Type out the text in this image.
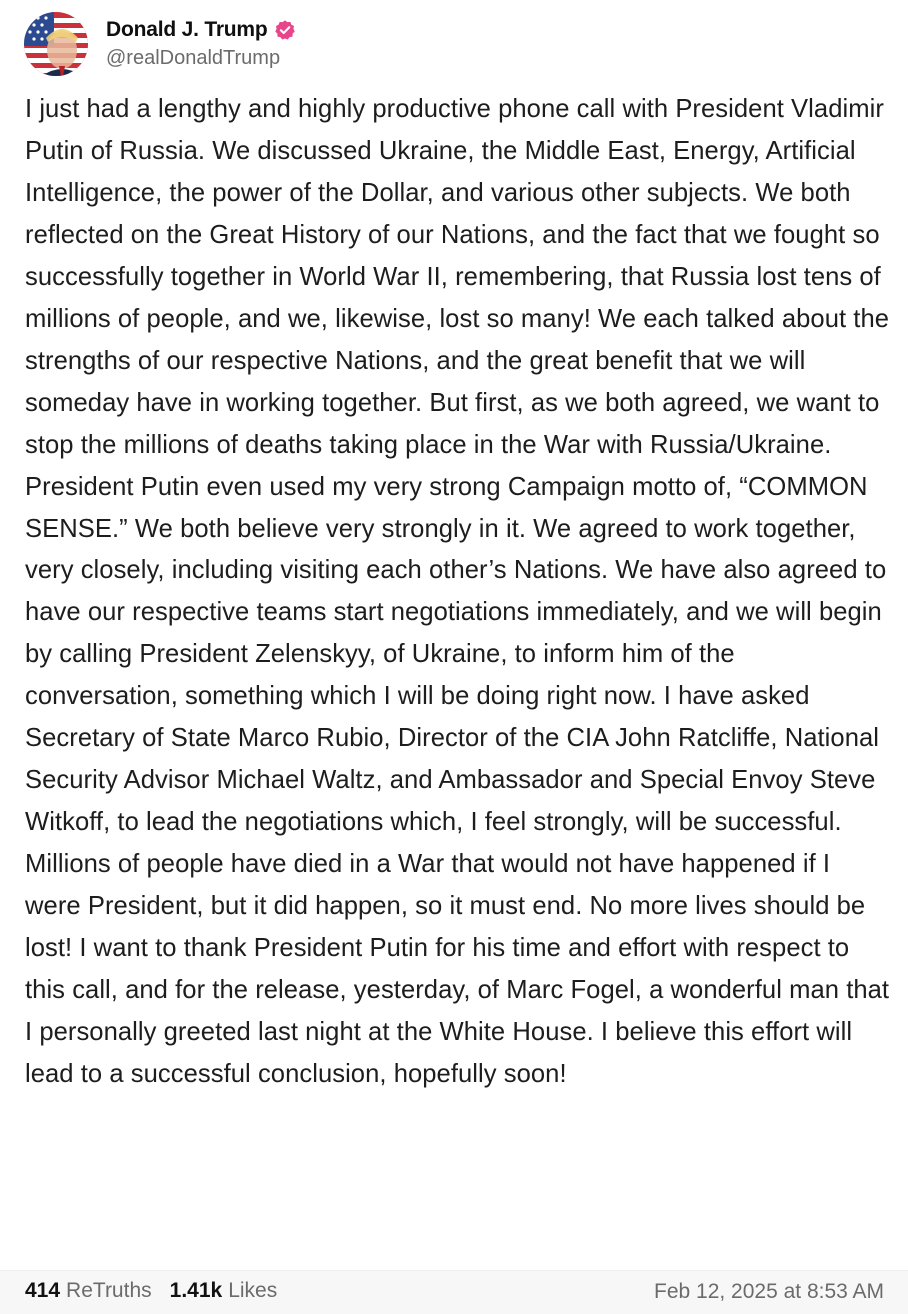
Donald J. Trump
@realDonaldTrump
I just had a lengthy and highly productive phone call with President Vladimir Putin of Russia. We discussed Ukraine, the Middle East, Energy, Artificial Intelligence, the power of the Dollar, and various other subjects. We both reflected on the Great History of our Nations, and the fact that we fought so successfully together in World War II, remembering, that Russia lost tens of millions of people, and we, likewise, lost so many! We each talked about the strengths of our respective Nations, and the great benefit that we will someday have in working together. But first, as we both agreed, we want to stop the millions of deaths taking place in the War with Russia/Ukraine. President Putin even used my very strong Campaign motto of, “COMMON SENSE.” We both believe very strongly in it. We agreed to work together, very closely, including visiting each other’s Nations. We have also agreed to have our respective teams start negotiations immediately, and we will begin by calling President Zelenskyy, of Ukraine, to inform him of the conversation, something which I will be doing right now. I have asked Secretary of State Marco Rubio, Director of the CIA John Ratcliffe, National Security Advisor Michael Waltz, and Ambassador and Special Envoy Steve Witkoff, to lead the negotiations which, I feel strongly, will be successful. Millions of people have died in a War that would not have happened if I were President, but it did happen, so it must end. No more lives should be lost! I want to thank President Putin for his time and effort with respect to this call, and for the release, yesterday, of Marc Fogel, a wonderful man that I personally greeted last night at the White House. I believe this effort will lead to a successful conclusion, hopefully soon!
414 ReTruths 1.41k Likes	Feb 12, 2025 at 8:53 AM
